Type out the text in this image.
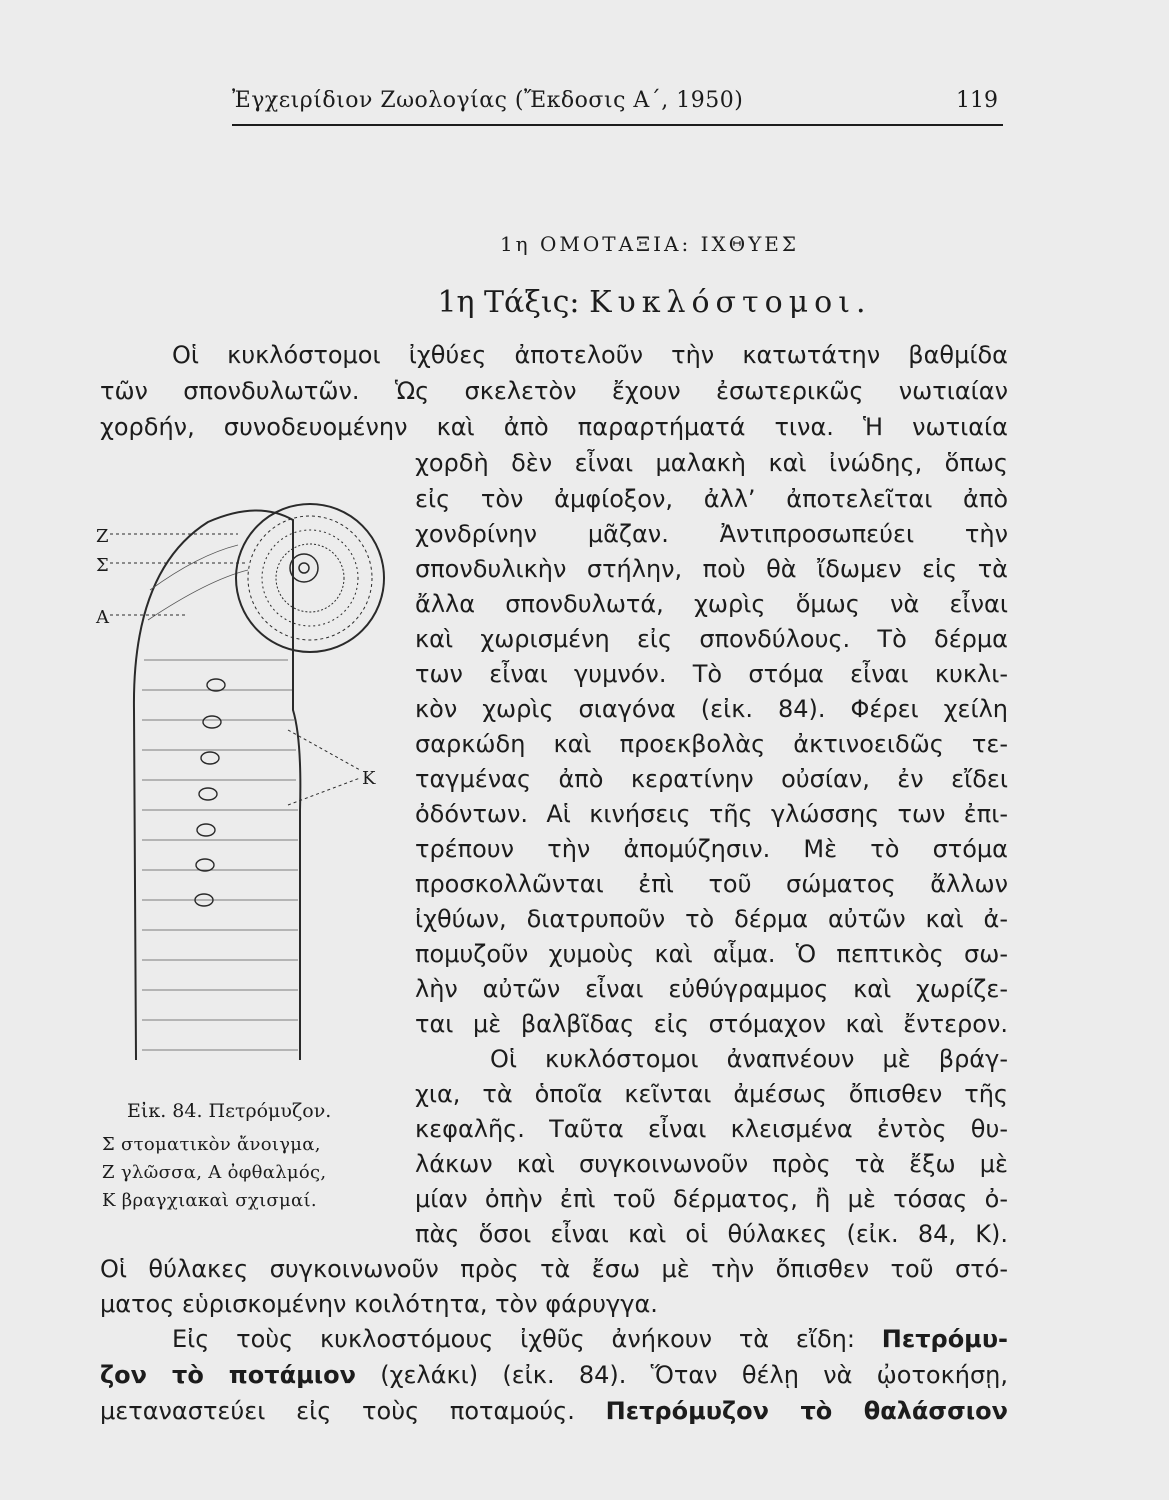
Ἐγχειρίδιον Ζωολογίας (Ἔκδοσις Α΄, 1950)	119
1η ΟΜΟΤΑΞΙΑ: ΙΧΘΥΕΣ
1η Τάξις: Κυκλόστομοι.
Οἱ κυκλόστομοι ἰχθύες ἀποτελοῦν τὴν κατωτάτην βαθμίδα
τῶν σπονδυλωτῶν. Ὡς σκελετὸν ἔχουν ἐσωτερικῶς νωτιαίαν
χορδήν, συνοδευομένην καὶ ἀπὸ παραρτήματά τινα. Ἡ νωτιαία
χορδὴ δὲν εἶναι μαλακὴ καὶ ἰνώδης, ὅπως
εἰς τὸν ἀμφίοξον, ἀλλ’ ἀποτελεῖται ἀπὸ
χονδρίνην μᾶζαν. Ἀντιπροσωπεύει τὴν
σπονδυλικὴν στήλην, ποὺ θὰ ἴδωμεν εἰς τὰ
ἄλλα σπονδυλωτά, χωρὶς ὅμως νὰ εἶναι
καὶ χωρισμένη εἰς σπονδύλους. Τὸ δέρμα
των εἶναι γυμνόν. Τὸ στόμα εἶναι κυκλι-
κὸν χωρὶς σιαγόνα (εἰκ. 84). Φέρει χείλη
σαρκώδη καὶ προεκβολὰς ἀκτινοειδῶς τε-
ταγμένας ἀπὸ κερατίνην οὐσίαν, ἐν εἴδει
ὀδόντων. Αἱ κινήσεις τῆς γλώσσης των ἐπι-
τρέπουν τὴν ἀπομύζησιν. Μὲ τὸ στόμα
προσκολλῶνται ἐπὶ τοῦ σώματος ἄλλων
ἰχθύων, διατρυποῦν τὸ δέρμα αὐτῶν καὶ ἀ-
πομυζοῦν χυμοὺς καὶ αἷμα. Ὁ πεπτικὸς σω-
λὴν αὐτῶν εἶναι εὐθύγραμμος καὶ χωρίζε-
ται μὲ βαλβῖδας εἰς στόμαχον καὶ ἔντερον.
Οἱ κυκλόστομοι ἀναπνέουν μὲ βράγ-
χια, τὰ ὁποῖα κεῖνται ἀμέσως ὄπισθεν τῆς
κεφαλῆς. Ταῦτα εἶναι κλεισμένα ἐντὸς θυ-
λάκων καὶ συγκοινωνοῦν πρὸς τὰ ἔξω μὲ
μίαν ὀπὴν ἐπὶ τοῦ δέρματος, ἢ μὲ τόσας ὀ-
πὰς ὅσοι εἶναι καὶ οἱ θύλακες (εἰκ. 84, Κ).
Οἱ θύλακες συγκοινωνοῦν πρὸς τὰ ἔσω μὲ τὴν ὄπισθεν τοῦ στό-
ματος εὑρισκομένην κοιλότητα, τὸν φάρυγγα.
Εἰς τοὺς κυκλοστόμους ἰχθῦς ἀνήκουν τὰ εἴδη: Πετρόμυ-
ζον τὸ ποτάμιον (χελάκι) (εἰκ. 84). Ὅταν θέλῃ νὰ ᾠοτοκήσῃ,
μεταναστεύει εἰς τοὺς ποταμούς. Πετρόμυζον τὸ θαλάσσιον
Ζ
Σ
Α
Κ
Εἰκ. 84. Πετρόμυζον.
Σ στοματικὸν ἄνοιγμα,
Ζ γλῶσσα, Α ὀφθαλμός,
Κ βραγχιακαὶ σχισμαί.
